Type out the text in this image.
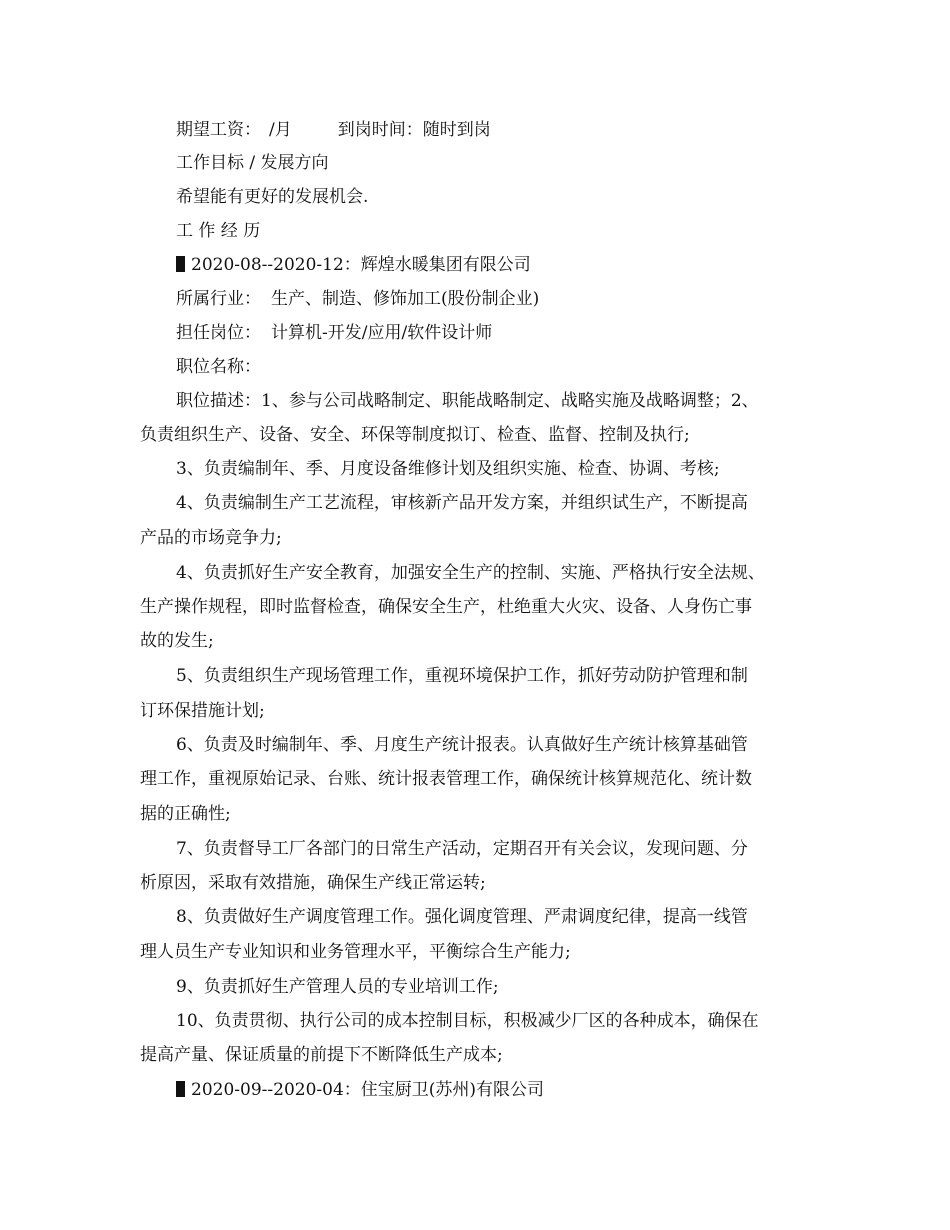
期望工资： /月	到岗时间：随时到岗
工作目标 / 发展方向
希望能有更好的发展机会.
工 作 经 历
2020-08--2020-12：辉煌水暖集团有限公司
所属行业： 生产、制造、修饰加工(股份制企业)
担任岗位： 计算机-开发/应用/软件设计师
职位名称：
职位描述：1、参与公司战略制定、职能战略制定、战略实施及战略调整；2、
负责组织生产、设备、安全、环保等制度拟订、检查、监督、控制及执行;
3、负责编制年、季、月度设备维修计划及组织实施、检查、协调、考核;
4、负责编制生产工艺流程，审核新产品开发方案，并组织试生产，不断提高
产品的市场竞争力;
4、负责抓好生产安全教育，加强安全生产的控制、实施、严格执行安全法规、
生产操作规程，即时监督检查，确保安全生产，杜绝重大火灾、设备、人身伤亡事
故的发生;
5、负责组织生产现场管理工作，重视环境保护工作，抓好劳动防护管理和制
订环保措施计划;
6、负责及时编制年、季、月度生产统计报表。认真做好生产统计核算基础管
理工作，重视原始记录、台账、统计报表管理工作，确保统计核算规范化、统计数
据的正确性;
7、负责督导工厂各部门的日常生产活动，定期召开有关会议，发现问题、分
析原因，采取有效措施，确保生产线正常运转;
8、负责做好生产调度管理工作。强化调度管理、严肃调度纪律，提高一线管
理人员生产专业知识和业务管理水平，平衡综合生产能力;
9、负责抓好生产管理人员的专业培训工作;
10、负责贯彻、执行公司的成本控制目标，积极减少厂区的各种成本，确保在
提高产量、保证质量的前提下不断降低生产成本;
2020-09--2020-04：住宝厨卫(苏州)有限公司
